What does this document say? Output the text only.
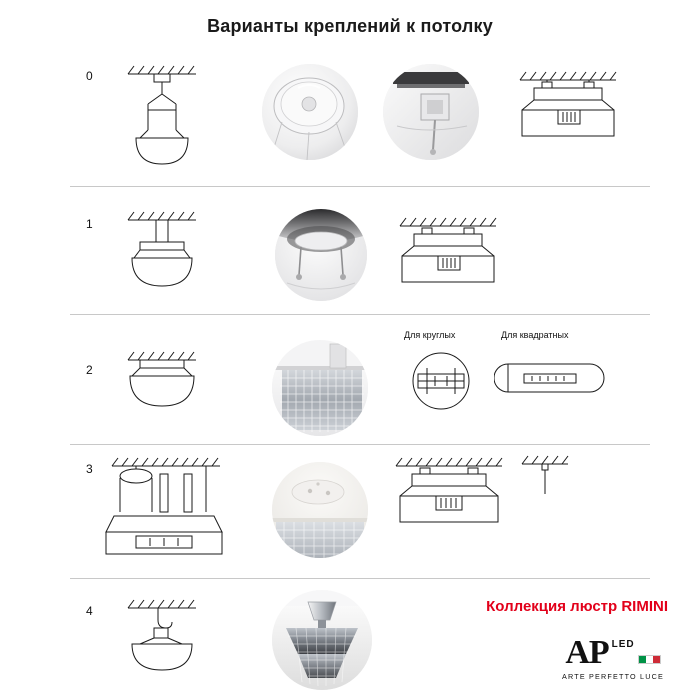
Варианты креплений к потолку
0
1
2
Для круглых	Для квадратных
3
4	Коллекция люстр RIMINI
AP LED
ARTE PERFETTO LUCE
